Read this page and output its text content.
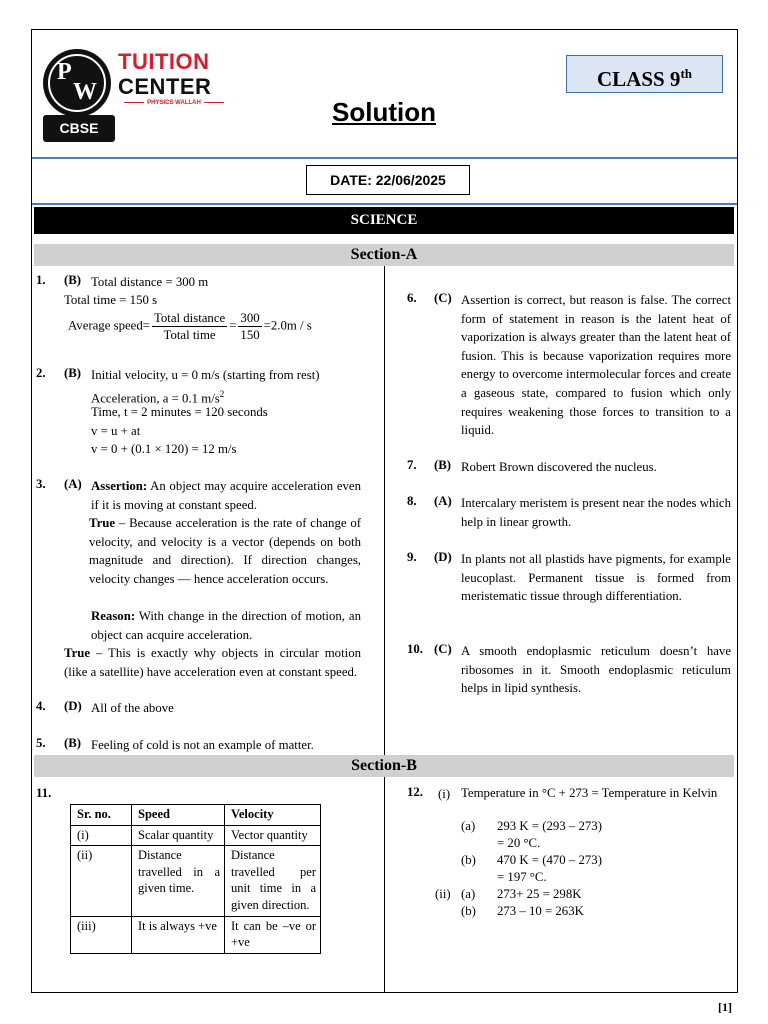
P
W
CBSE
TUITION
CENTER
PHYSICS WALLAH
CLASS 9th
Solution
DATE: 22/06/2025
SCIENCE
Section-A
1. (B) Total distance = 300 m
Total time = 150 s
Average speed= $\frac{\text{Total distance}}{\text{Total time}} = \frac{300}{150} =2.0m / s$
2. (B) Initial velocity, u = 0 m/s (starting from rest)
Acceleration, a = 0.1 $m/s^2$
Time, t = 2 minutes = 120 seconds
v = u + at
v = 0 + (0.1 × 120) = 12 m/s
3. (A) Assertion: An object may acquire acceleration even if it is moving at constant speed.
True – Because acceleration is the rate of change of velocity, and velocity is a vector (depends on both magnitude and direction). If direction changes, velocity changes — hence acceleration occurs.
Reason: With change in the direction of motion, an object can acquire acceleration.
True – This is exactly why objects in circular motion (like a satellite) have acceleration even at constant speed.
4. (D) All of the above
5. (B) Feeling of cold is not an example of matter.
6. (C) Assertion is correct, but reason is false. The correct form of statement in reason is the latent heat of vaporization is always greater than the latent heat of fusion. This is because vaporization requires more energy to overcome intermolecular forces and create a gaseous state, compared to fusion which only requires weakening those forces to transition to a liquid.
7. (B) Robert Brown discovered the nucleus.
8. (A) Intercalary meristem is present near the nodes which help in linear growth.
9. (D) In plants not all plastids have pigments, for example leucoplast. Permanent tissue is formed from meristematic tissue through differentiation.
10. (C) A smooth endoplasmic reticulum doesn’t have ribosomes in it. Smooth endoplasmic reticulum helps in lipid synthesis.
Section-B
11.
Sr. no.	Speed	Velocity
(i)	Scalar quantity	Vector quantity
(ii)	Distance travelled in a given time.	Distance travelled per unit time in a given direction.
(iii)	It is always +ve	It can be –ve or +ve
12. (i) Temperature in °C + 273 = Temperature in Kelvin
(a) 293 K = (293 – 273)
= 20 °C.
(b) 470 K = (470 – 273)
= 197 °C.
(ii) (a) 273+ 25 = 298K
(b) 273 – 10 = 263K
[1]
